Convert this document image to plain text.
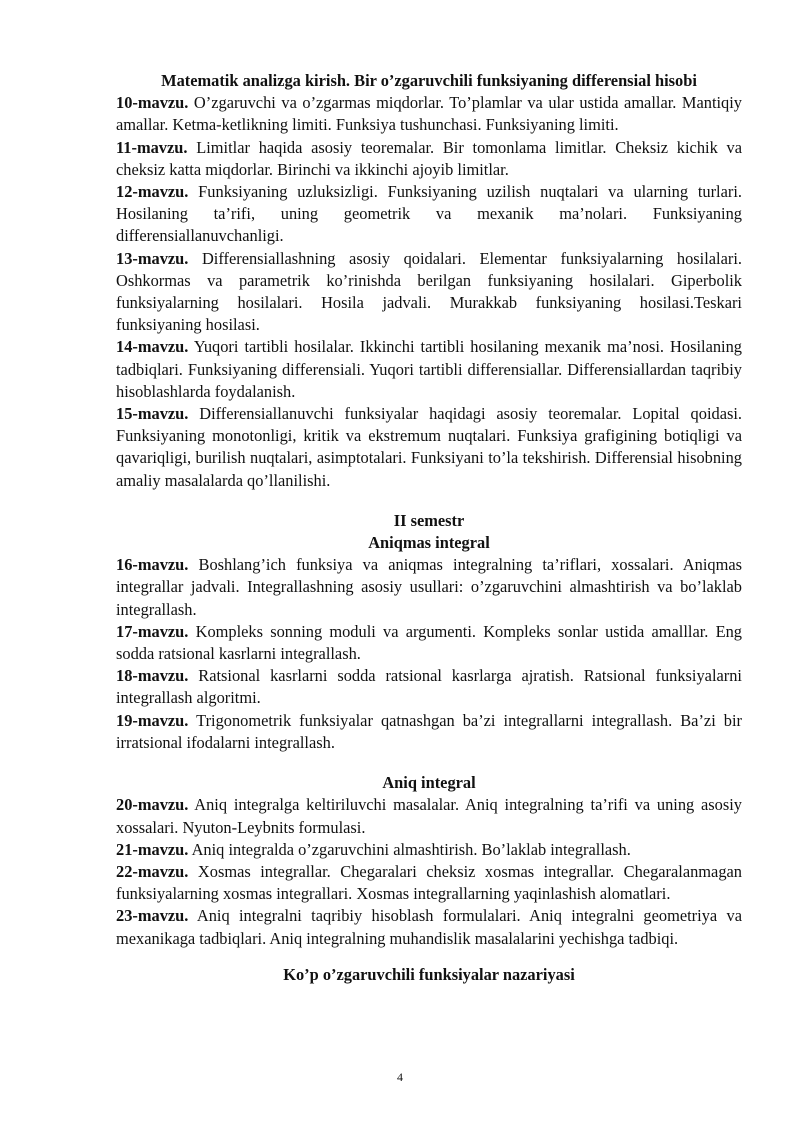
Matematik analizga kirish. Bir o’zgaruvchili funksiyaning differensial hisobi

10-mavzu. O’zgaruvchi va o’zgarmas miqdorlar. To’plamlar va ular ustida amallar. Mantiqiy amallar. Ketma-ketlikning limiti. Funksiya tushunchasi. Funksiyaning limiti.

11-mavzu. Limitlar haqida asosiy teoremalar. Bir tomonlama limitlar. Cheksiz kichik va cheksiz katta miqdorlar. Birinchi va ikkinchi ajoyib limitlar.

12-mavzu. Funksiyaning uzluksizligi. Funksiyaning uzilish nuqtalari va ularning turlari. Hosilaning ta’rifi, uning geometrik va mexanik ma’nolari. Funksiyaning differensiallanuvchanligi.

13-mavzu. Differensiallashning asosiy qoidalari. Elementar funksiyalarning hosilalari. Oshkormas va parametrik ko’rinishda berilgan funksiyaning hosilalari. Giperbolik funksiyalarning hosilalari. Hosila jadvali. Murakkab funksiyaning hosilasi.Teskari funksiyaning hosilasi.

14-mavzu. Yuqori tartibli hosilalar. Ikkinchi tartibli hosilaning mexanik ma’nosi. Hosilaning tadbiqlari. Funksiyaning differensiali. Yuqori tartibli differensiallar. Differensiallardan taqribiy hisoblashlarda foydalanish.

15-mavzu. Differensiallanuvchi funksiyalar haqidagi asosiy teoremalar. Lopital qoidasi. Funksiyaning monotonligi, kritik va ekstremum nuqtalari. Funksiya grafigining botiqligi va qavariqligi, burilish nuqtalari, asimptotalari. Funksiyani to’la tekshirish. Differensial hisobning amaliy masalalarda qo’llanilishi.

II semestr

Aniqmas integral

16-mavzu. Boshlang’ich funksiya va aniqmas integralning ta’riflari, xossalari. Aniqmas integrallar jadvali. Integrallashning asosiy usullari: o’zgaruvchini almashtirish va bo’laklab integrallash.

17-mavzu. Kompleks sonning moduli va argumenti. Kompleks sonlar ustida amalllar. Eng sodda ratsional kasrlarni integrallash.

18-mavzu. Ratsional kasrlarni sodda ratsional kasrlarga ajratish. Ratsional funksiyalarni integrallash algoritmi.

19-mavzu. Trigonometrik funksiyalar qatnashgan ba’zi integrallarni integrallash. Ba’zi bir irratsional ifodalarni integrallash.

Aniq integral

20-mavzu. Aniq integralga keltiriluvchi masalalar. Aniq integralning ta’rifi va uning asosiy xossalari. Nyuton-Leybnits formulasi.

21-mavzu. Aniq integralda o’zgaruvchini almashtirish. Bo’laklab integrallash.

22-mavzu. Xosmas integrallar. Chegaralari cheksiz xosmas integrallar. Chegaralanmagan funksiyalarning xosmas integrallari. Xosmas integrallarning yaqinlashish alomatlari.

23-mavzu. Aniq integralni taqribiy hisoblash formulalari. Aniq integralni geometriya va mexanikaga tadbiqlari. Aniq integralning muhandislik masalalarini yechishga tadbiqi.

Ko’p o’zgaruvchili funksiyalar nazariyasi

4
